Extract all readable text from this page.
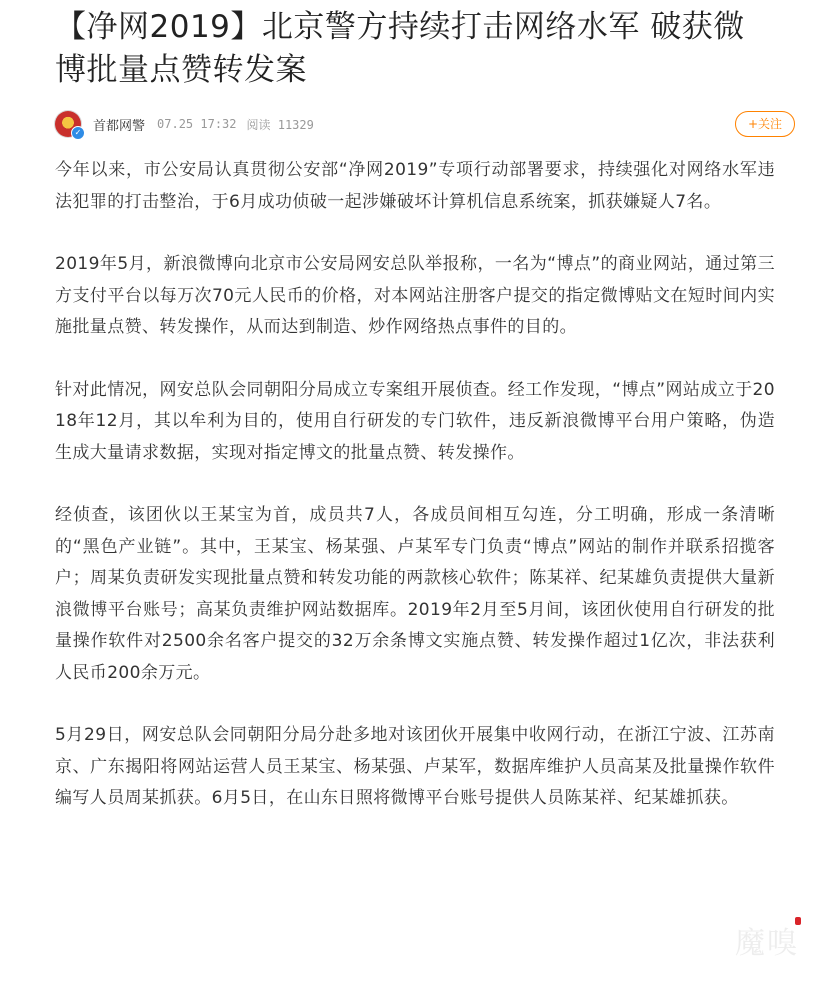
【净网2019】北京警方持续打击网络水军 破获微博批量点赞转发案
✓ 首都网警 07.25 17:32 阅读 11329	+关注

今年以来，市公安局认真贯彻公安部“净网2019”专项行动部署要求，持续强化对网络水军违法犯罪的打击整治，于6月成功侦破一起涉嫌破坏计算机信息系统案，抓获嫌疑人7名。

2019年5月，新浪微博向北京市公安局网安总队举报称，一名为“博点”的商业网站，通过第三方支付平台以每万次70元人民币的价格，对本网站注册客户提交的指定微博贴文在短时间内实施批量点赞、转发操作，从而达到制造、炒作网络热点事件的目的。

针对此情况，网安总队会同朝阳分局成立专案组开展侦查。经工作发现，“博点”网站成立于2018年12月，其以牟利为目的，使用自行研发的专门软件，违反新浪微博平台用户策略，伪造生成大量请求数据，实现对指定博文的批量点赞、转发操作。

经侦查，该团伙以王某宝为首，成员共7人，各成员间相互勾连，分工明确，形成一条清晰的“黑色产业链”。其中，王某宝、杨某强、卢某军专门负责“博点”网站的制作并联系招揽客户；周某负责研发实现批量点赞和转发功能的两款核心软件；陈某祥、纪某雄负责提供大量新浪微博平台账号；高某负责维护网站数据库。2019年2月至5月间，该团伙使用自行研发的批量操作软件对2500余名客户提交的32万余条博文实施点赞、转发操作超过1亿次，非法获利人民币200余万元。

5月29日，网安总队会同朝阳分局分赴多地对该团伙开展集中收网行动，在浙江宁波、江苏南京、广东揭阳将网站运营人员王某宝、杨某强、卢某军，数据库维护人员高某及批量操作软件编写人员周某抓获。6月5日，在山东日照将微博平台账号提供人员陈某祥、纪某雄抓获。

魔嗅
